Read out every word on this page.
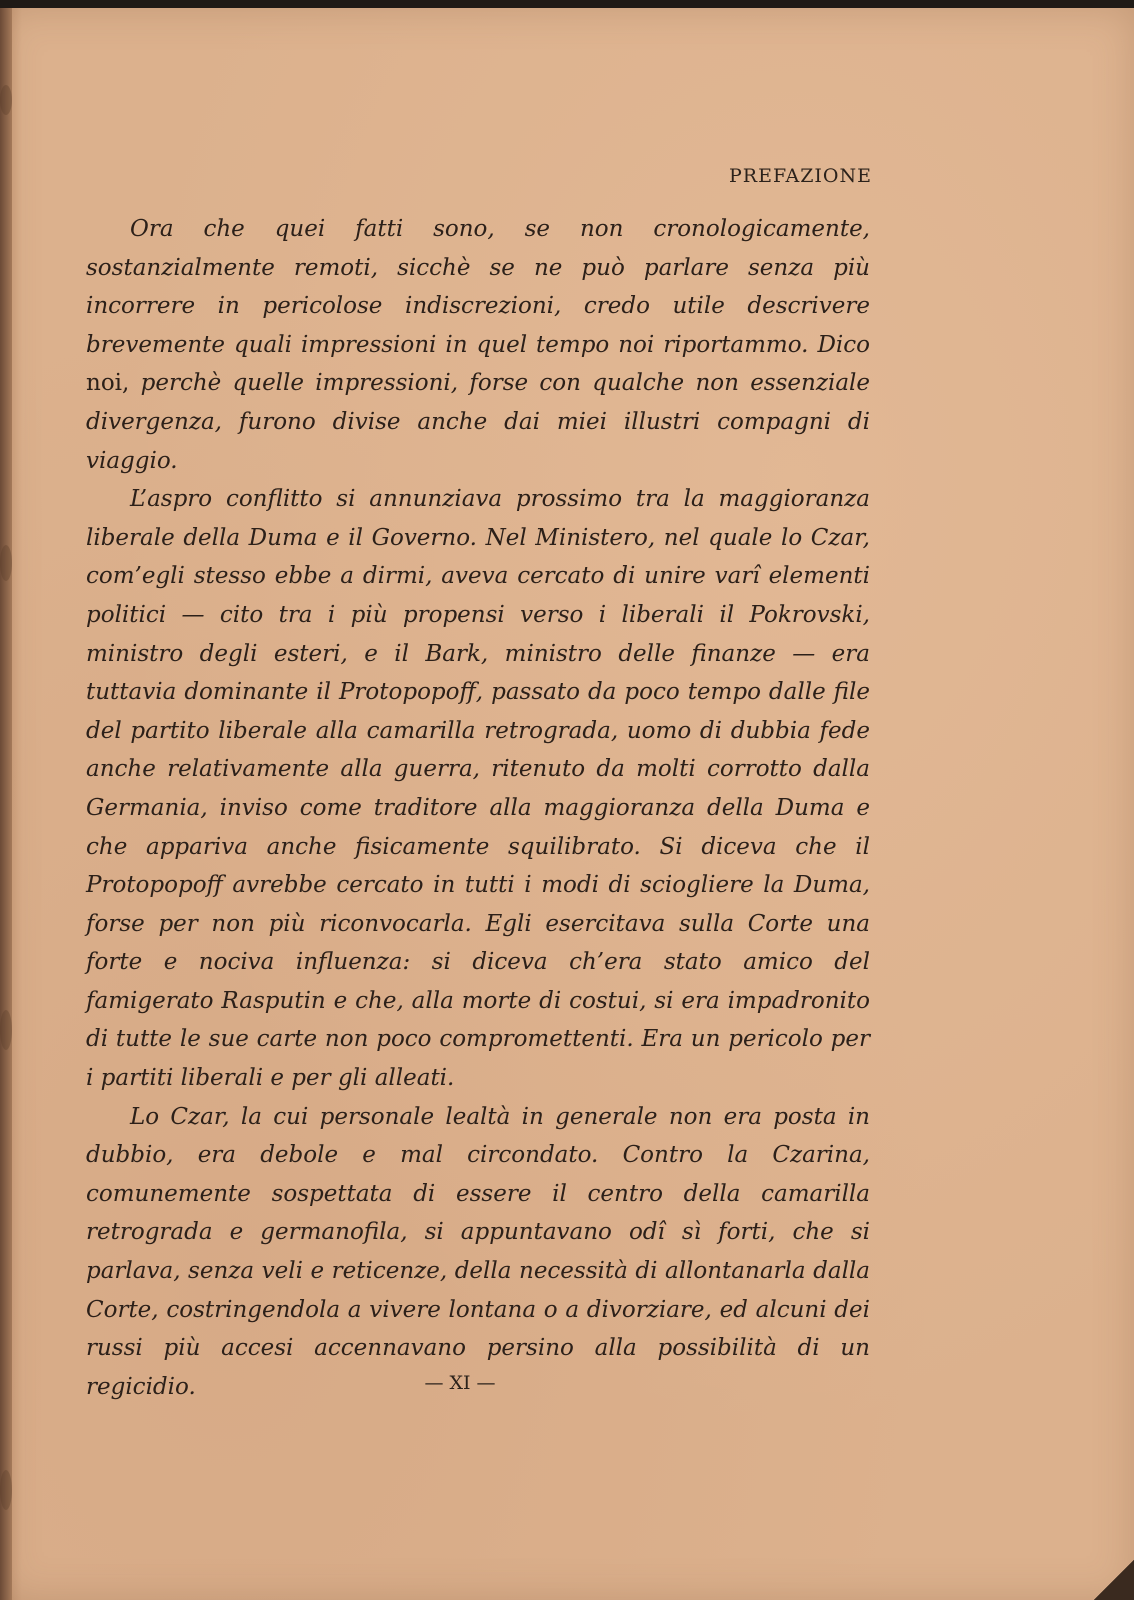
PREFAZIONE

Ora che quei fatti sono, se non cronologicamente, sostanzialmente remoti, sicchè se ne può parlare senza più incorrere in pericolose indiscrezioni, credo utile descrivere brevemente quali impressioni in quel tempo noi riportammo. Dico noi, perchè quelle impressioni, forse con qualche non essenziale divergenza, furono divise anche dai miei illustri compagni di viaggio.

L’aspro conflitto si annunziava prossimo tra la maggioranza liberale della Duma e il Governo. Nel Ministero, nel quale lo Czar, com’egli stesso ebbe a dirmi, aveva cercato di unire varî elementi politici — cito tra i più propensi verso i liberali il Pokrovski, ministro degli esteri, e il Bark, ministro delle finanze — era tuttavia dominante il Protopopoff, passato da poco tempo dalle file del partito liberale alla camarilla retrograda, uomo di dubbia fede anche relativamente alla guerra, ritenuto da molti corrotto dalla Germania, inviso come traditore alla maggioranza della Duma e che appariva anche fisicamente squilibrato. Si diceva che il Protopopoff avrebbe cercato in tutti i modi di sciogliere la Duma, forse per non più riconvocarla. Egli esercitava sulla Corte una forte e nociva influenza: si diceva ch’era stato amico del famigerato Rasputin e che, alla morte di costui, si era impadronito di tutte le sue carte non poco compromettenti. Era un pericolo per i partiti liberali e per gli alleati.

Lo Czar, la cui personale lealtà in generale non era posta in dubbio, era debole e mal circondato. Contro la Czarina, comunemente sospettata di essere il centro della camarilla retrograda e germanofila, si appuntavano odî sì forti, che si parlava, senza veli e reticenze, della necessità di allontanarla dalla Corte, costringendola a vivere lontana o a divorziare, ed alcuni dei russi più accesi accennavano persino alla possibilità di un regicidio.	— XI —
